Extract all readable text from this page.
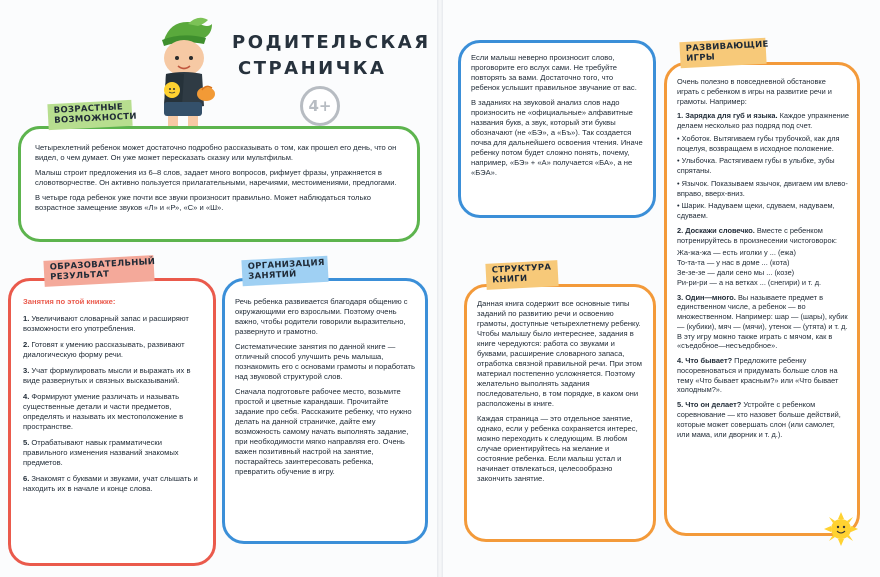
РОДИТЕЛЬСКАЯ
СТРАНИЧКА
4+

Четырехлетний ребенок может достаточно подробно рассказывать о том, как прошел его день, что он видел, о чем думает. Он уже может пересказать сказку или мультфильм.

Малыш строит предложения из 6–8 слов, задает много вопросов, рифмует фразы, упражняется в словотворчестве. Он активно пользуется прилагательными, наречиями, местоимениями, предлогами.

В четыре года ребенок уже почти все звуки произносит правильно. Может наблюдаться только возрастное замещение звуков «Л» и «Р», «С» и «Ш».

ВОЗРАСТНЫЕ ВОЗМОЖНОСТИ

Занятия по этой книжке:

1. Увеличивают словарный запас и расширяют возможности его употребления.
2. Готовят к умению рассказывать, развивают диалогическую форму речи.
3. Учат формулировать мысли и выражать их в виде развернутых и связных высказываний.
4. Формируют умение различать и называть существенные детали и части предметов, определять и называть их местоположение в пространстве.
5. Отрабатывают навык грамматически правильного изменения названий знакомых предметов.
6. Знакомят с буквами и звуками, учат слышать и находить их в начале и конце слова.
ОБРАЗОВАТЕЛЬНЫЙ РЕЗУЛЬТАТ

Речь ребенка развивается благодаря общению с окружающими его взрослыми. Поэтому очень важно, чтобы родители говорили выразительно, развернуто и грамотно.

Систематические занятия по данной книге — отличный способ улучшить речь малыша, познакомить его с основами грамоты и поработать над звуковой структурой слов.

Сначала подготовьте рабочее место, возьмите простой и цветные карандаши. Прочитайте задание про себя. Расскажите ребенку, что нужно делать на данной страничке, дайте ему возможность самому начать выполнять задание, при необходимости мягко направляя его. Очень важен позитивный настрой на занятие, постарайтесь заинтересовать ребенка, превратить обучение в игру.

ОРГАНИЗАЦИЯ ЗАНЯТИЙ

Если малыш неверно произносит слово, проговорите его вслух сами. Не требуйте повторять за вами. Достаточно того, что ребенок услышит правильное звучание от вас.

В заданиях на звуковой анализ слов надо произносить не «официальные» алфавитные названия букв, а звук, который эти буквы обозначают (не «БЭ», а «Бъ»). Так создается почва для дальнейшего освоения чтения. Иначе ребенку потом будет сложно понять, почему, например, «БЭ» + «А» получается «БА», а не «БЭА».

Данная книга содержит все основные типы заданий по развитию речи и освоению грамоты, доступные четырехлетнему ребенку. Чтобы малышу было интереснее, задания в книге чередуются: работа со звуками и буквами, расширение словарного запаса, отработка связной правильной речи. При этом материал постепенно усложняется. Поэтому желательно выполнять задания последовательно, в том порядке, в каком они расположены в книге.

Каждая страница — это отдельное занятие, однако, если у ребенка сохраняется интерес, можно переходить к следующим. В любом случае ориентируйтесь на желание и состояние ребенка. Если малыш устал и начинает отвлекаться, целесообразно закончить занятие.

СТРУКТУРА КНИГИ

Очень полезно в повседневной обстановке играть с ребенком в игры на развитие речи и грамоты. Например:

1. Зарядка для губ и языка. Каждое упражнение делаем несколько раз подряд под счет.

• Хоботок. Вытягиваем губы трубочкой, как для поцелуя, возвращаем в исходное положение.

• Улыбочка. Растягиваем губы в улыбке, зубы спрятаны.

• Язычок. Показываем язычок, двигаем им влево-вправо, вверх-вниз.

• Шарик. Надуваем щеки, сдуваем, надуваем, сдуваем.

2. Доскажи словечко. Вместе с ребенком потренируйтесь в произнесении чистоговорок:

Жа-жа-жа — есть иголки у ... (ежа)

То-та-та — у нас в доме ... (кота)

Зе-зе-зе — дали сено мы ... (козе)

Ри-ри-ри — а на ветках ... (снегири) и т. д.

3. Один—много. Вы называете предмет в единственном числе, а ребенок — во множественном. Например: шар — (шары), кубик — (кубики), мяч — (мячи), утенок — (утята) и т. д. В эту игру можно также играть с мячом, как в «съедобное—несъедобное».

4. Что бывает? Предложите ребенку посоревноваться и придумать больше слов на тему «Что бывает красным?» или «Что бывает холодным?».

5. Что он делает? Устройте с ребенком соревнование — кто назовет больше действий, которые может совершать слон (или самолет, или мама, или дворник и т. д.).

РАЗВИВАЮЩИЕ ИГРЫ
